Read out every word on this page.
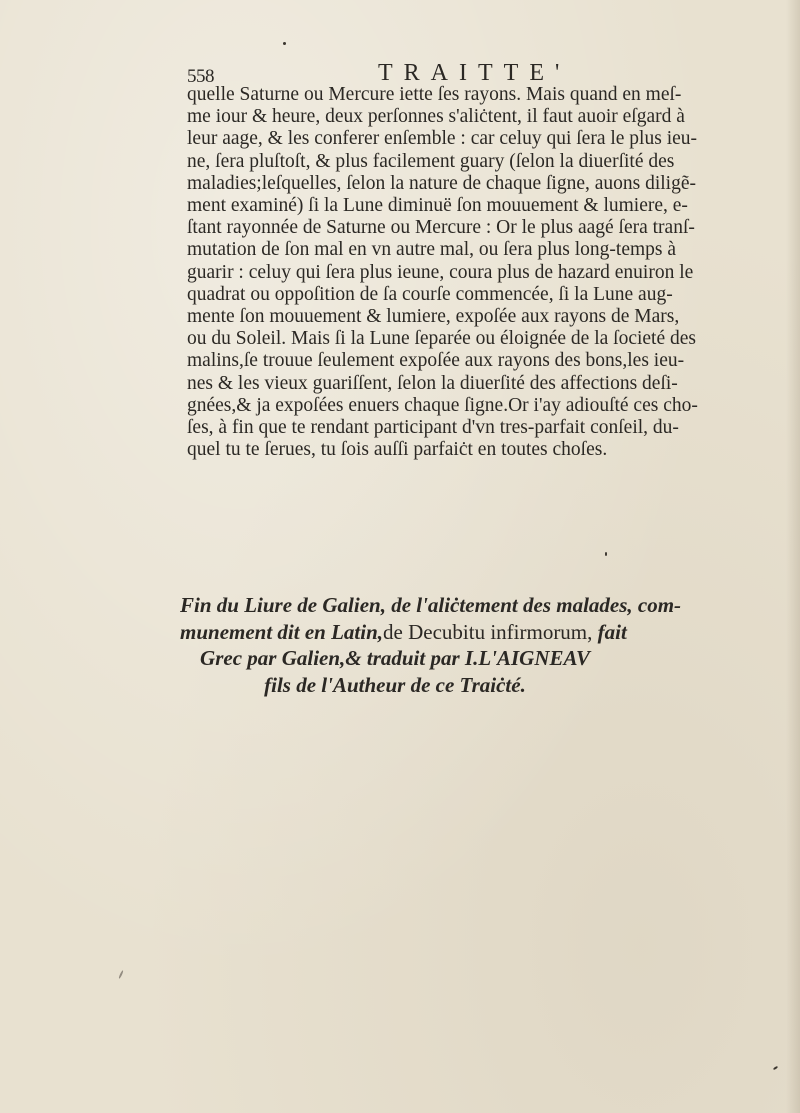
558	TRAITTE'
quelle Saturne ou Mercure iette ſes rayons. Mais quand en meſ-
me iour & heure, deux perſonnes s'aliċtent, il faut auoir eſgard à
leur aage, & les conferer enſemble : car celuy qui ſera le plus ieu-
ne, ſera pluſtoſt, & plus facilement guary (ſelon la diuerſité des
maladies;leſquelles, ſelon la nature de chaque ſigne, auons diligẽ-
ment examiné) ſi la Lune diminuë ſon mouuement & lumiere, e-
ſtant rayonnée de Saturne ou Mercure : Or le plus aagé ſera tranſ-
mutation de ſon mal en vn autre mal, ou ſera plus long-temps à
guarir : celuy qui ſera plus ieune, coura plus de hazard enuiron le
quadrat ou oppoſition de ſa courſe commencée, ſi la Lune aug-
mente ſon mouuement & lumiere, expoſée aux rayons de Mars,
ou du Soleil. Mais ſi la Lune ſeparée ou éloignée de la ſocieté des
malins,ſe trouue ſeulement expoſée aux rayons des bons,les ieu-
nes & les vieux guariſſent, ſelon la diuerſité des affections deſi-
gnées,& ja expoſées enuers chaque ſigne.Or i'ay adiouſté ces cho-
ſes, à fin que te rendant participant d'vn tres-parfait conſeil, du-
quel tu te ſerues, tu ſois auſſi parfaiċt en toutes choſes.
Fin du Liure de Galien, de l'aliċtement des malades, com-
munement dit en Latin,de Decubitu infirmorum, fait
Grec par Galien,& traduit par I.L'AIGNEAV
fils de l'Autheur de ce Traiċté.
